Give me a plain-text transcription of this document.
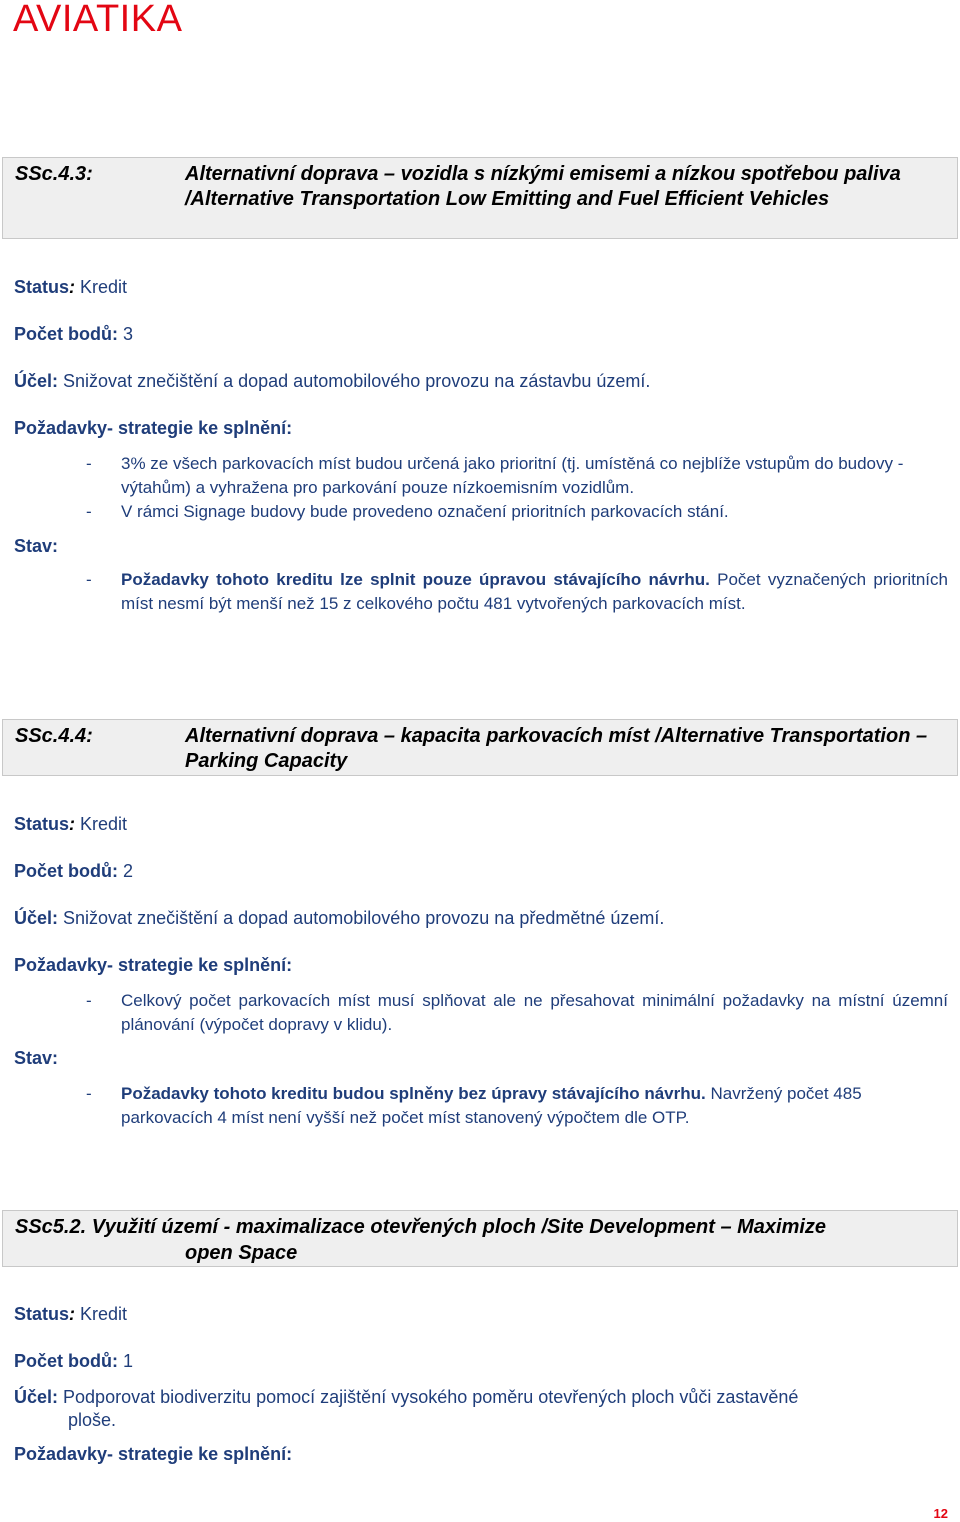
AVIATIKA
SSc.4.3:	Alternativní doprava – vozidla s nízkými emisemi a nízkou spotřebou paliva /Alternative Transportation Low Emitting and Fuel Efficient Vehicles
Status: Kredit
Počet bodů: 3
Účel: Snižovat znečištění a dopad automobilového provozu na zástavbu území.
Požadavky- strategie ke splnění:
- 3% ze všech parkovacích míst budou určená jako prioritní (tj. umístěná co nejblíže vstupům do budovy - výtahům) a vyhražena pro parkování pouze nízkoemisním vozidlům.
- V rámci Signage budovy bude provedeno označení prioritních parkovacích stání.
Stav:
- Požadavky tohoto kreditu lze splnit pouze úpravou stávajícího návrhu. Počet vyznačených prioritních míst nesmí být menší než 15 z celkového počtu 481 vytvořených parkovacích míst.
SSc.4.4:	Alternativní doprava – kapacita parkovacích míst /Alternative Transportation – Parking Capacity
Status: Kredit
Počet bodů: 2
Účel: Snižovat znečištění a dopad automobilového provozu na předmětné území.
Požadavky- strategie ke splnění:
- Celkový počet parkovacích míst musí splňovat ale ne přesahovat minimální požadavky na místní územní plánování (výpočet dopravy v klidu).
Stav:
- Požadavky tohoto kreditu budou splněny bez úpravy stávajícího návrhu. Navržený počet 485 parkovacích 4 míst není vyšší než počet míst stanovený výpočtem dle OTP.
SSc5.2. Využití území - maximalizace otevřených ploch /Site Development – Maximize
open Space
Status: Kredit
Počet bodů: 1
Účel: Podporovat biodiverzitu pomocí zajištění vysokého poměru otevřených ploch vůči zastavěné
ploše.
Požadavky- strategie ke splnění:
12
